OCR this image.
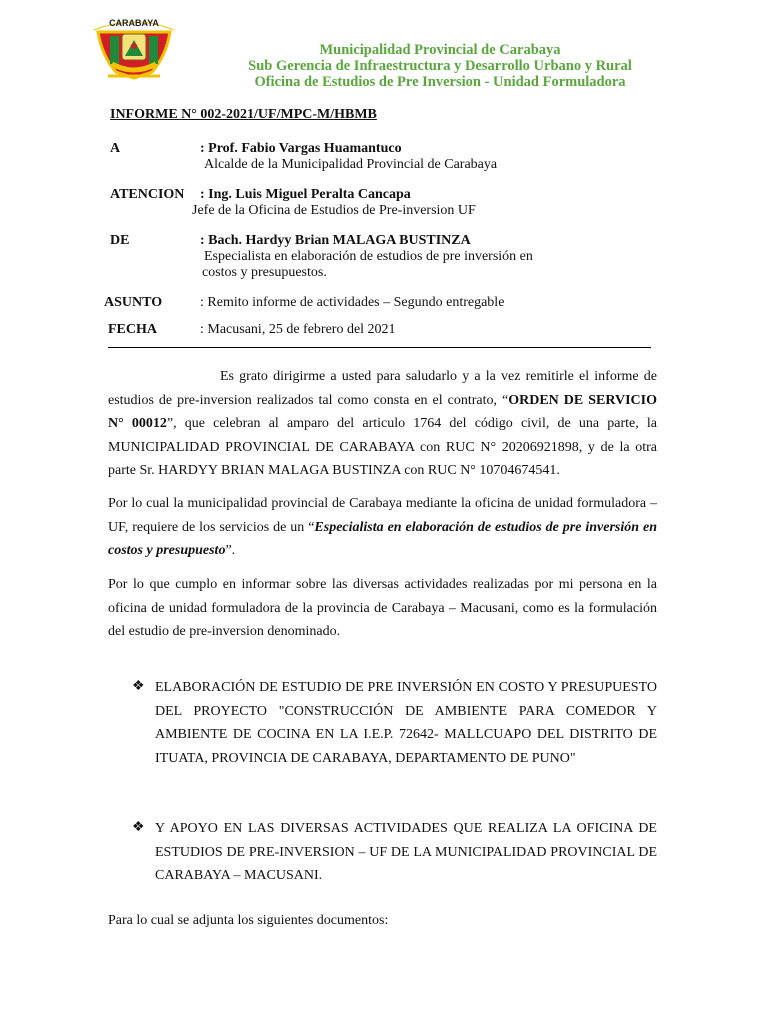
CARABAYA
Municipalidad Provincial de Carabaya
Sub Gerencia de Infraestructura y Desarrollo Urbano y Rural
Oficina de Estudios de Pre Inversion - Unidad Formuladora
INFORME N° 002-2021/UF/MPC-M/HBMB
A	: Prof. Fabio Vargas Huamantuco
Alcalde de la Municipalidad Provincial de Carabaya
ATENCION : Ing. Luis Miguel Peralta Cancapa
Jefe de la Oficina de Estudios de Pre-inversion UF
DE	: Bach. Hardyy Brian MALAGA BUSTINZA
Especialista en elaboración de estudios de pre inversión en
costos y presupuestos.
ASUNTO	: Remito informe de actividades – Segundo entregable
FECHA	: Macusani, 25 de febrero del 2021
Es grato dirigirme a usted para saludarlo y a la vez remitirle el informe de estudios de pre-inversion realizados tal como consta en el contrato, “ORDEN DE SERVICIO N° 00012”, que celebran al amparo del articulo 1764 del código civil, de una parte, la MUNICIPALIDAD PROVINCIAL DE CARABAYA con RUC N° 20206921898, y de la otra parte Sr. HARDYY BRIAN MALAGA BUSTINZA con RUC N° 10704674541.
Por lo cual la municipalidad provincial de Carabaya mediante la oficina de unidad formuladora – UF, requiere de los servicios de un “Especialista en elaboración de estudios de pre inversión en costos y presupuesto”.
Por lo que cumplo en informar sobre las diversas actividades realizadas por mi persona en la oficina de unidad formuladora de la provincia de Carabaya – Macusani, como es la formulación del estudio de pre-inversion denominado.
❖ ELABORACIÓN DE ESTUDIO DE PRE INVERSIÓN EN COSTO Y PRESUPUESTO DEL PROYECTO "CONSTRUCCIÓN DE AMBIENTE PARA COMEDOR Y AMBIENTE DE COCINA EN LA I.E.P. 72642- MALLCUAPO DEL DISTRITO DE ITUATA, PROVINCIA DE CARABAYA, DEPARTAMENTO DE PUNO"
❖ Y APOYO EN LAS DIVERSAS ACTIVIDADES QUE REALIZA LA OFICINA DE ESTUDIOS DE PRE-INVERSION – UF DE LA MUNICIPALIDAD PROVINCIAL DE CARABAYA – MACUSANI.
Para lo cual se adjunta los siguientes documentos:
